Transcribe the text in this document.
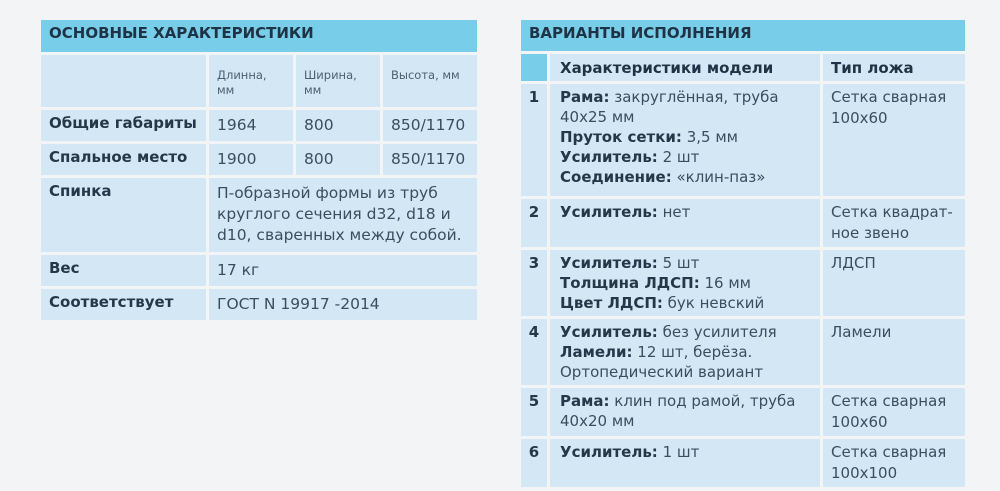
ОСНОВНЫЕ ХАРАКТЕРИСТИКИ			
	Длинна, мм	Ширина, мм	Высота, мм
Общие габариты	1964	800	850/1170
Спальное место	1900	800	850/1170
Спинка	П-образной формы из труб круглого сечения d32, d18 и d10, сваренных между собой.		
Вес	17 кг		
Соответствует	ГОСТ N 19917 -2014		
ВАРИАНТЫ ИСПОЛНЕНИЯ		
	Характеристики модели	Тип ложа
1	Рама: закруглённая, труба 40х25 мм
Пруток сетки: 3,5 мм
Усилитель: 2 шт
Соединение: «клин-паз»	Сетка сварная 100х60
2	Усилитель: нет	Сетка квадрат-ное звено
3	Усилитель: 5 шт
Толщина ЛДСП: 16 мм
Цвет ЛДСП: бук невский	ЛДСП
4	Усилитель: без усилителя
Ламели: 12 шт, берёза.
Ортопедический вариант	Ламели
5	Рама: клин под рамой, труба 40х20 мм	Сетка сварная 100х60
6	Усилитель: 1 шт	Сетка сварная 100х100
